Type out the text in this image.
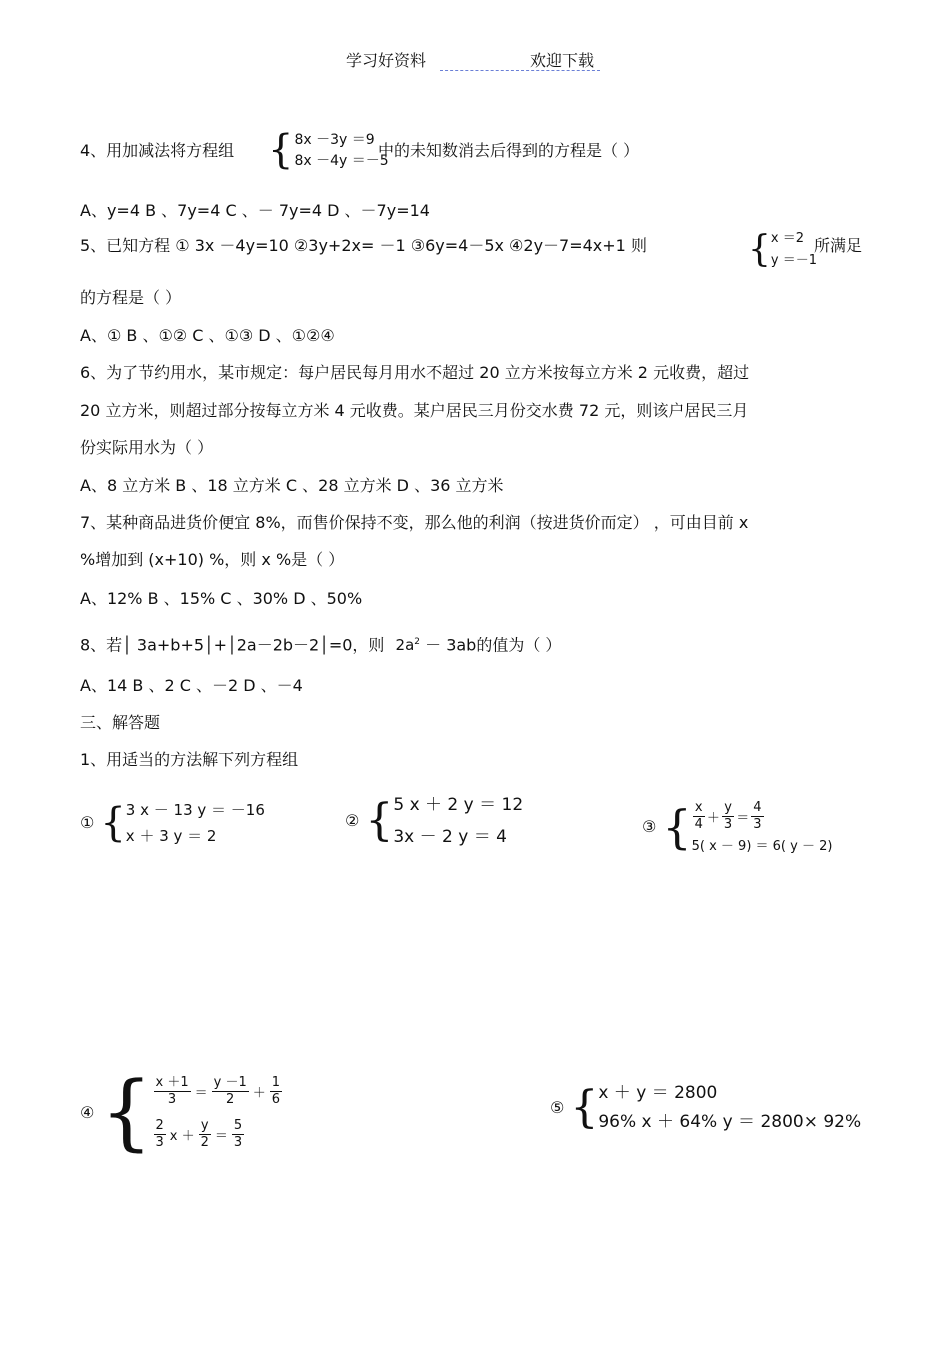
学习好资料	欢迎下载
4、用加减法将方程组 { 8x －3y ＝9
8x －4y ＝－5
中的未知数消去后得到的方程是（ ）
A、y=4 B 、7y=4 C 、－ 7y=4 D 、－7y=14
5、已知方程 ① 3x －4y=10 ②3y+2x= －1 ③6y=4－5x ④2y－7=4x+1 则	{ x ＝2
y ＝－1
所满足
的方程是（ ）
A、① B 、①② C 、①③ D 、①②④
6、为了节约用水，某市规定：每户居民每月用水不超过 20 立方米按每立方米 2 元收费，超过
20 立方米，则超过部分按每立方米 4 元收费。某户居民三月份交水费 72 元，则该户居民三月
份实际用水为（ ）
A、8 立方米 B 、18 立方米 C 、28 立方米 D 、36 立方米
7、某种商品进货价便宜 8%，而售价保持不变，那么他的利润（按进货价而定） ，可由目前 x
%增加到 (x+10) %，则 x %是（ ）
A、12% B 、15% C 、30% D 、50%
8、若│ 3a+b+5│+│2a－2b－2│=0，则 $2a^2 - 3ab$的值为（ ）
A、14 B 、2 C 、－2 D 、－4
三、解答题
1、用适当的方法解下列方程组
① { 3 x － 13 y ＝ －16
x ＋ 3 y ＝ 2
② { 5 x ＋ 2 y ＝ 12
3x － 2 y ＝ 4
③ { $\frac{x}{4} + \frac{y}{3} = \frac{4}{3}$
5( x － 9) ＝ 6( y － 2)
④ { $\frac{x +1}{3} = \frac{y -1}{2} + \frac{1}{6}$
$\frac{2}{3}$ $x + \frac{y}{2} = \frac{5}{3}$
⑤ { x ＋ y ＝ 2800
96% x ＋ 64% y ＝ 2800× 92%
